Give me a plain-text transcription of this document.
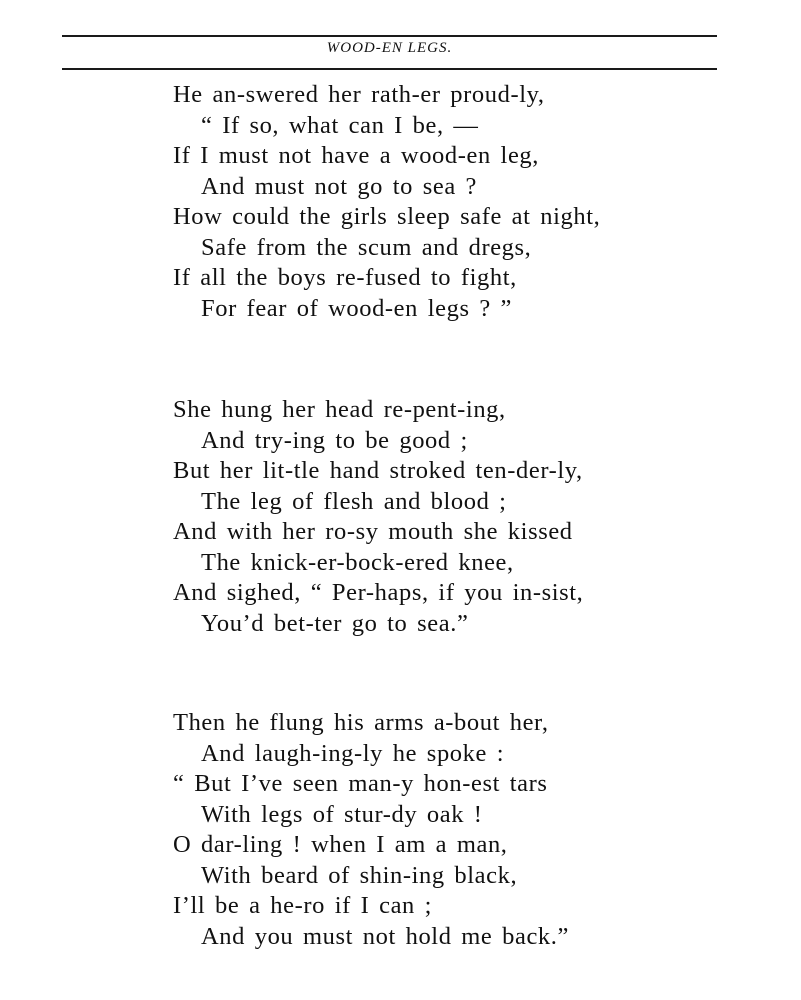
WOOD-EN LEGS.
He an-swered her rath-er proud-ly,
“ If so, what can I be, —
If I must not have a wood-en leg,
And must not go to sea ?
How could the girls sleep safe at night,
Safe from the scum and dregs,
If all the boys re-fused to fight,
For fear of wood-en legs ? ”
She hung her head re-pent-ing,
And try-ing to be good ;
But her lit-tle hand stroked ten-der-ly,
The leg of flesh and blood ;
And with her ro-sy mouth she kissed
The knick-er-bock-ered knee,
And sighed, “ Per-haps, if you in-sist,
You’d bet-ter go to sea.”
Then he flung his arms a-bout her,
And laugh-ing-ly he spoke :
“ But I’ve seen man-y hon-est tars
With legs of stur-dy oak !
O dar-ling ! when I am a man,
With beard of shin-ing black,
I’ll be a he-ro if I can ;
And you must not hold me back.”
